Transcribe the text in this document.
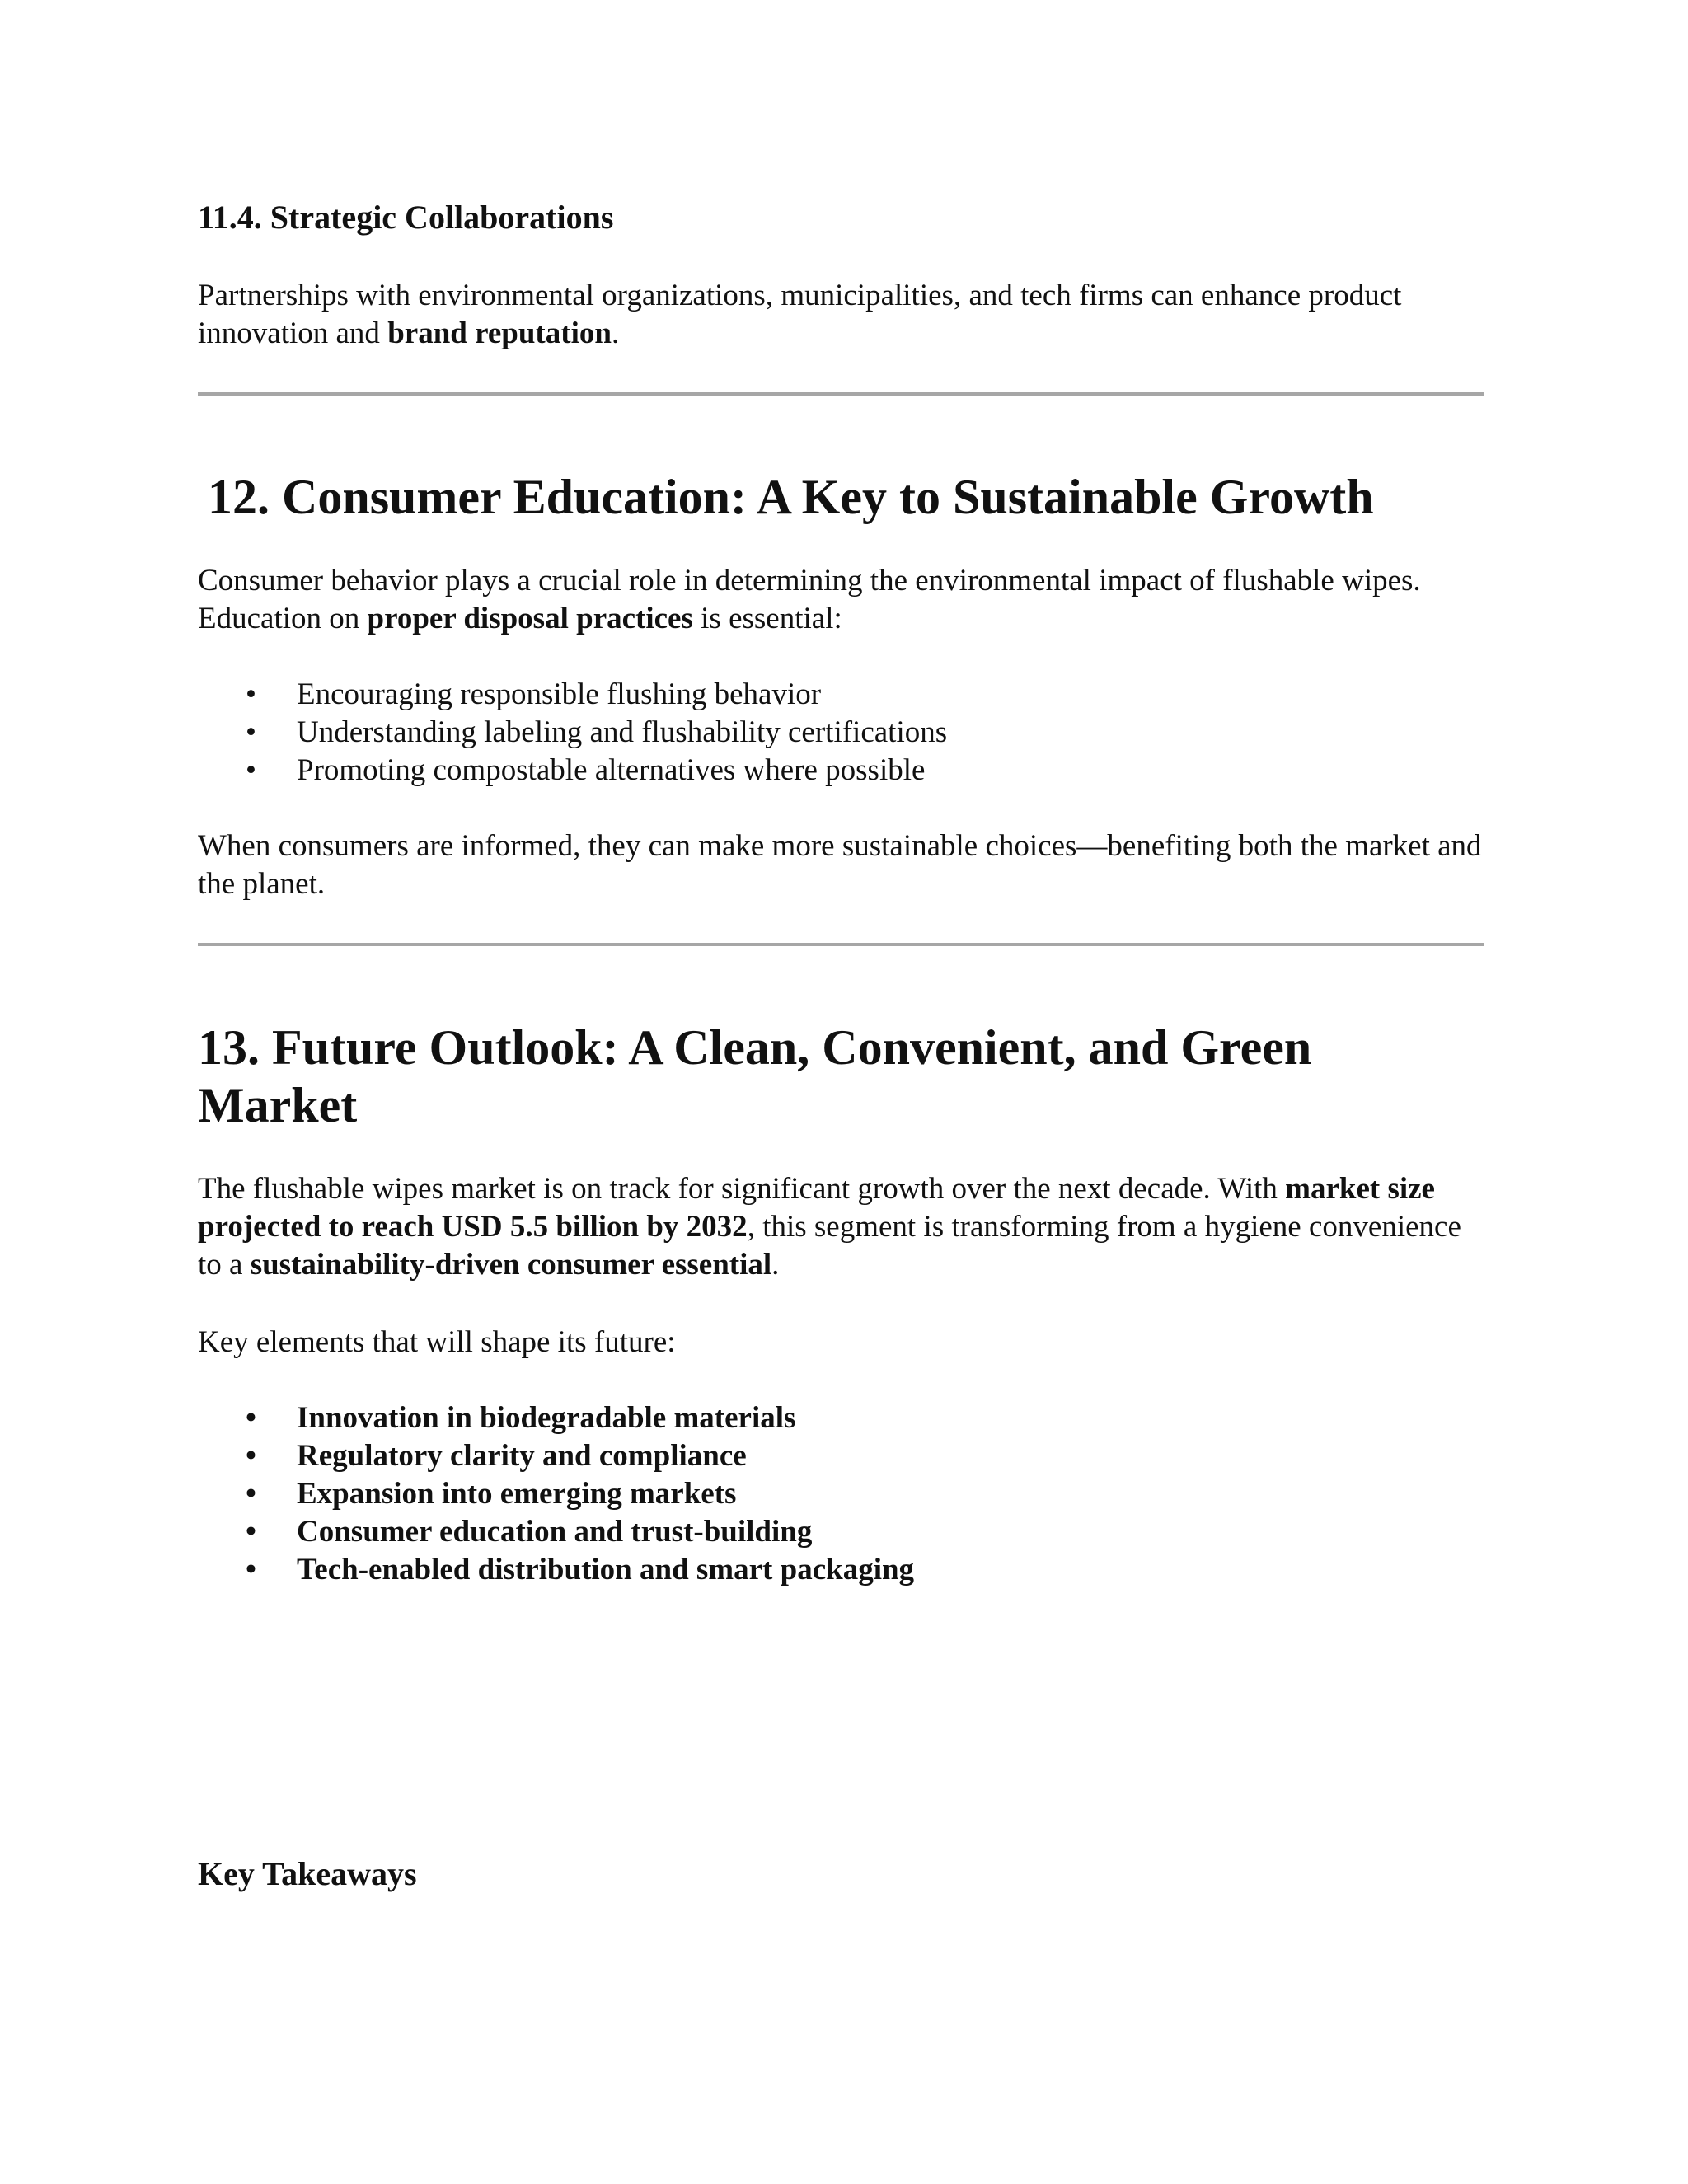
11.4. Strategic Collaborations

Partnerships with environmental organizations, municipalities, and tech firms can enhance product innovation and brand reputation.

12. Consumer Education: A Key to Sustainable Growth

Consumer behavior plays a crucial role in determining the environmental impact of flushable wipes. Education on proper disposal practices is essential:

• Encouraging responsible flushing behavior
• Understanding labeling and flushability certifications
• Promoting compostable alternatives where possible

When consumers are informed, they can make more sustainable choices—benefiting both the market and the planet.

13. Future Outlook: A Clean, Convenient, and Green Market

The flushable wipes market is on track for significant growth over the next decade. With market size projected to reach USD 5.5 billion by 2032, this segment is transforming from a hygiene convenience to a sustainability-driven consumer essential.

Key elements that will shape its future:

• Innovation in biodegradable materials
• Regulatory clarity and compliance
• Expansion into emerging markets
• Consumer education and trust-building
• Tech-enabled distribution and smart packaging
Key Takeaways
